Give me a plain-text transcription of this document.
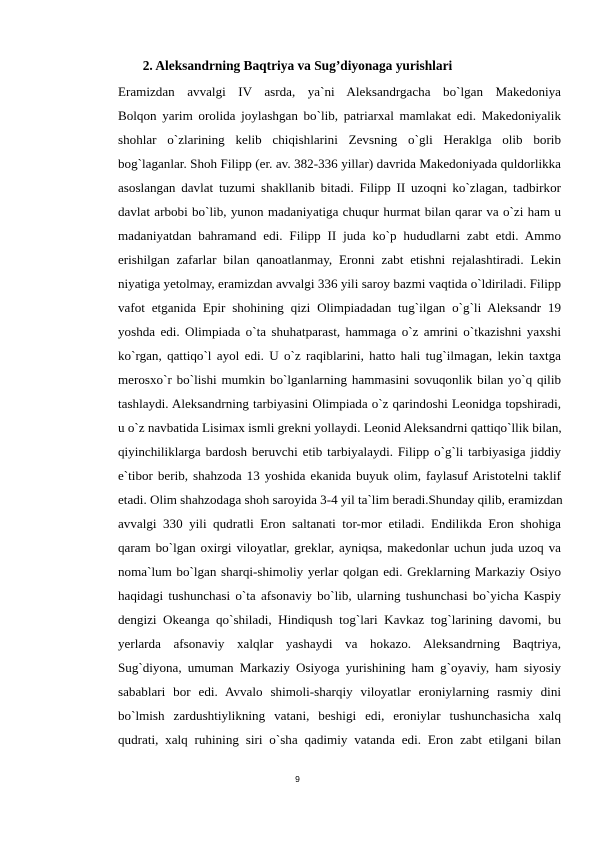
2. Aleksandrning Baqtriya va Sug’diyonaga yurishlari
Eramizdan avvalgi IV asrda, ya`ni Aleksandrgacha bo`lgan Makedoniya
Bolqon yarim orolida joylashgan bo`lib, patriarxal mamlakat edi. Makedoniyalik
shohlar o`zlarining kelib chiqishlarini Zevsning o`gli Heraklga olib borib
bog`laganlar. Shoh Filipp (er. av. 382-336 yillar) davrida Makedoniyada quldorlikka
asoslangan davlat tuzumi shakllanib bitadi. Filipp II uzoqni ko`zlagan, tadbirkor
davlat arbobi bo`lib, yunon madaniyatiga chuqur hurmat bilan qarar va o`zi ham u
madaniyatdan bahramand edi. Filipp II juda ko`p hududlarni zabt etdi. Ammo
erishilgan zafarlar bilan qanoatlanmay, Eronni zabt etishni rejalashtiradi. Lekin
niyatiga yetolmay, eramizdan avvalgi 336 yili saroy bazmi vaqtida o`ldiriladi. Filipp
vafot etganida Epir shohining qizi Olimpiadadan tug`ilgan o`g`li Aleksandr 19
yoshda edi. Olimpiada o`ta shuhatparast, hammaga o`z amrini o`tkazishni yaxshi
ko`rgan, qattiqo`l ayol edi. U o`z raqiblarini, hatto hali tug`ilmagan, lekin taxtga
merosxo`r bo`lishi mumkin bo`lganlarning hammasini sovuqonlik bilan yo`q qilib
tashlaydi. Aleksandrning tarbiyasini Olimpiada o`z qarindoshi Leonidga topshiradi,
u o`z navbatida Lisimax ismli grekni yollaydi. Leonid Aleksandrni qattiqo`llik bilan,
qiyinchiliklarga bardosh beruvchi etib tarbiyalaydi. Filipp o`g`li tarbiyasiga jiddiy
e`tibor berib, shahzoda 13 yoshida ekanida buyuk olim, faylasuf Aristotelni taklif
etadi. Olim shahzodaga shoh saroyida 3-4 yil ta`lim beradi.Shunday qilib, eramizdan
avvalgi 330 yili qudratli Eron saltanati tor-mor etiladi. Endilikda Eron shohiga
qaram bo`lgan oxirgi viloyatlar, greklar, ayniqsa, makedonlar uchun juda uzoq va
noma`lum bo`lgan sharqi-shimoliy yerlar qolgan edi. Greklarning Markaziy Osiyo
haqidagi tushunchasi o`ta afsonaviy bo`lib, ularning tushunchasi bo`yicha Kaspiy
dengizi Okeanga qo`shiladi, Hindiqush tog`lari Kavkaz tog`larining davomi, bu
yerlarda afsonaviy xalqlar yashaydi va hokazo. Aleksandrning Baqtriya,
Sug`diyona, umuman Markaziy Osiyoga yurishining ham g`oyaviy, ham siyosiy
sabablari bor edi. Avvalo shimoli-sharqiy viloyatlar eroniylarning rasmiy dini
bo`lmish zardushtiylikning vatani, beshigi edi, eroniylar tushunchasicha xalq
qudrati, xalq ruhining siri o`sha qadimiy vatanda edi. Eron zabt etilgani bilan
9
